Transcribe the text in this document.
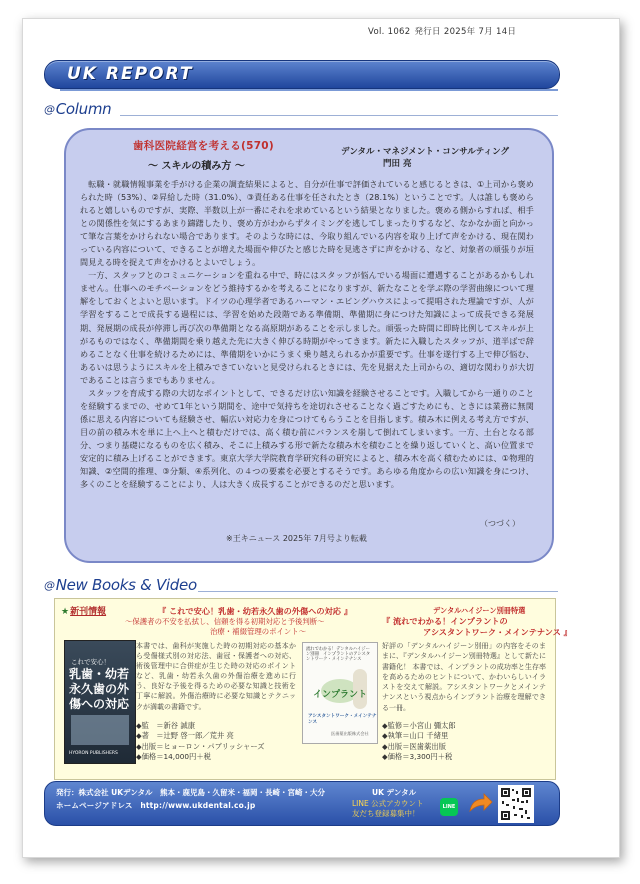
Vol. 1062 発行日 2025年 7月 14日
UK REPORT
@Column
歯科医院経営を考える(570)
〜 スキルの積み方 〜
デンタル・マネジメント・コンサルティング
門田 亮

転職・就職情報事業を手がける企業の調査結果によると、自分が仕事で評価されていると感じるときは、①上司から褒められた時（53%）、②昇給した時（31.0%）、③責任ある仕事を任されたとき（28.1%）ということです。人は誰しも褒められると嬉しいものですが、実際、半数以上が一番にそれを求めているという結果となりました。褒める側からすれば、相手との関係性を気にするあまり躊躇したり、褒め方がわからずタイミングを逃してしまったりするなど、なかなか面と向かって筆な言葉をかけられない場合であります。そのような時には、今取り組んでいる内容を取り上げて声をかける、現在関わっている内容について、できることが増えた場面や伸びたと感じた時を見逃さずに声をかける、など、対象者の頑張りが垣間見える時を捉えて声をかけるとよいでしょう。

一方、スタッフとのコミュニケーションを重ねる中で、時にはスタッフが悩んでいる場面に遭遇することがあるかもしれません。仕事へのモチベーションをどう維持するかを考えることになりますが、新たなことを学ぶ際の学習曲線について理解をしておくとよいと思います。ドイツの心理学者であるハーマン・エビングハウスによって提唱された理論ですが、人が学習をすることで成長する過程には、学習を始めた段階である準備期、準備期に身につけた知識によって成長できる発展期、発展期の成長が停滞し再び次の準備期となる高原期があることを示しました。頑張った時間に即時比例してスキルが上がるものではなく、準備期間を乗り越えた先に大きく伸びる時期がやってきます。新たに入職したスタッフが、道半ばで辞めることなく仕事を続けるためには、準備期をいかにうまく乗り越えられるかが重要です。仕事を遂行する上で伸び悩む、あるいは思うようにスキルを上積みできていないと見受けられるときには、先を見据えた上司からの、適切な関わりが大切であることは言うまでもありません。

スタッフを育成する際の大切なポイントとして、できるだけ広い知識を経験させることです。入職してから一通りのことを経験するまでの、せめて1年という期間を、途中で気持ちを途切れさせることなく過ごすためにも、ときには業務に無関係に思える内容についても経験させ、幅広い対応力を身につけてもらうことを目指します。積み木に例える考え方ですが、目の前の積み木を単に上へ上へと積むだけでは、高く積む前にバランスを崩して倒れてしまいます。一方、土台となる部分、つまり基礎になるものを広く積み、そこに上積みする形で新たな積み木を積むことを繰り返していくと、高い位置まで安定的に積み上げることができます。東京大学大学院教育学研究科の研究によると、積み木を高く積むためには、①物理的知識、②空間的推理、③分類、④系列化、の４つの要素を必要とするそうです。あらゆる角度からの広い知識を身につけ、多くのことを経験することにより、人は大きく成長することができるのだと思います。

（つづく）
※王キニュース 2025年 7月号より転載
@New Books & Video
★新刊情報	『 これで安心！乳歯・幼若永久歯の外傷への対応 』
〜保護者の不安を払拭し、信頼を得る初期対応と予後判断〜
治療・補綴管理のポイント〜
デンタルハイジーン別冊特選
『 流れでわかる！インプラントの
アシスタントワーク・メインテナンス 』
これで安心！
乳歯・幼若永久歯の外傷への対応
HYORON PUBLISHERS
本書では、歯科が実施した時の初期対応の基本から受傷様式別の対応法、歯冠・保護者への対応、術後管理中に合併症が生じた時の対応のポイントなど、乳歯・幼若永久歯の外傷治療を進めに行う、良好な予後を得るための必要な知識と技術を丁寧に解説。外傷治療時に必要な知識とテクニックが満載の書籍です。
◆監　＝新谷 誠康
◆著　＝辻野 啓一郎／荒井 亮
◆出版＝ヒョーロン・パブリッシャーズ
◆価格＝14,000円＋税
流れでわかる！デンタルハイジーン別冊　インプラントのアシスタントワーク・メインテナンス
インプラント
アシスタントワーク・メインテナンス
医歯薬出版株式会社
好評の「デンタルハイジーン別冊」の内容をそのままに、『デンタルハイジーン別冊特選』として新たに書籍化！ 本書では、インプラントの成功率と生存率を高めるためのヒントについて、かわいらしいイラストを交えて解説。アシスタントワークとメインテナンスという視点からインプラント治療を理解できる一冊。
◆監修＝小宮山 彌太郎
◆執筆＝山口 千緒里
◆出版＝医歯薬出版
◆価格＝3,300円＋税
発行：株式会社 UKデンタル　熊本・鹿児島・久留米・福岡・長崎・宮崎・大分
ホームページアドレス　http://www.ukdental.co.jp
UK デンタル
LINE 公式アカウント
友だち登録募集中！
LINE
